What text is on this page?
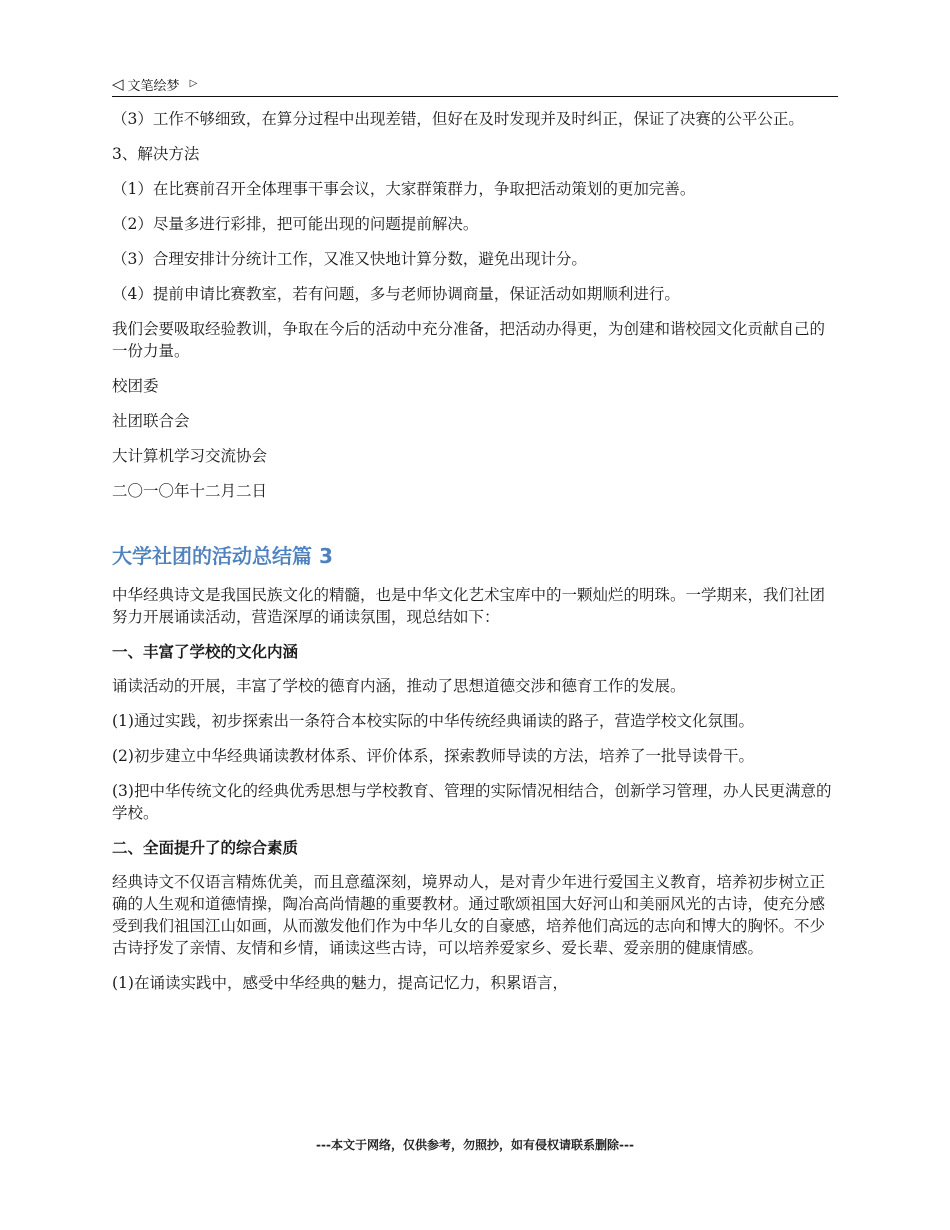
◁ 文笔绘梦 ▷

（3）工作不够细致，在算分过程中出现差错，但好在及时发现并及时纠正，保证了决赛的公平公正。

3、解决方法

（1）在比赛前召开全体理事干事会议，大家群策群力，争取把活动策划的更加完善。

（2）尽量多进行彩排，把可能出现的问题提前解决。

（3）合理安排计分统计工作，又准又快地计算分数，避免出现计分。

（4）提前申请比赛教室，若有问题，多与老师协调商量，保证活动如期顺利进行。

我们会要吸取经验教训，争取在今后的活动中充分准备，把活动办得更，为创建和谐校园文化贡献自己的一份力量。

校团委

社团联合会

大计算机学习交流协会

二〇一〇年十二月二日

大学社团的活动总结篇 3

中华经典诗文是我国民族文化的精髓，也是中华文化艺术宝库中的一颗灿烂的明珠。一学期来，我们社团努力开展诵读活动，营造深厚的诵读氛围，现总结如下：

一、丰富了学校的文化内涵

诵读活动的开展，丰富了学校的德育内涵，推动了思想道德交涉和德育工作的发展。

(1)通过实践，初步探索出一条符合本校实际的中华传统经典诵读的路子，营造学校文化氛围。

(2)初步建立中华经典诵读教材体系、评价体系，探索教师导读的方法，培养了一批导读骨干。

(3)把中华传统文化的经典优秀思想与学校教育、管理的实际情况相结合，创新学习管理，办人民更满意的学校。

二、全面提升了的综合素质

经典诗文不仅语言精炼优美，而且意蕴深刻，境界动人，是对青少年进行爱国主义教育，培养初步树立正确的人生观和道德情操，陶冶高尚情趣的重要教材。通过歌颂祖国大好河山和美丽风光的古诗，使充分感受到我们祖国江山如画，从而激发他们作为中华儿女的自豪感，培养他们高远的志向和博大的胸怀。不少古诗抒发了亲情、友情和乡情，诵读这些古诗，可以培养爱家乡、爱长辈、爱亲朋的健康情感。

(1)在诵读实践中，感受中华经典的魅力，提高记忆力，积累语言，

---本文于网络，仅供参考，勿照抄，如有侵权请联系删除---
